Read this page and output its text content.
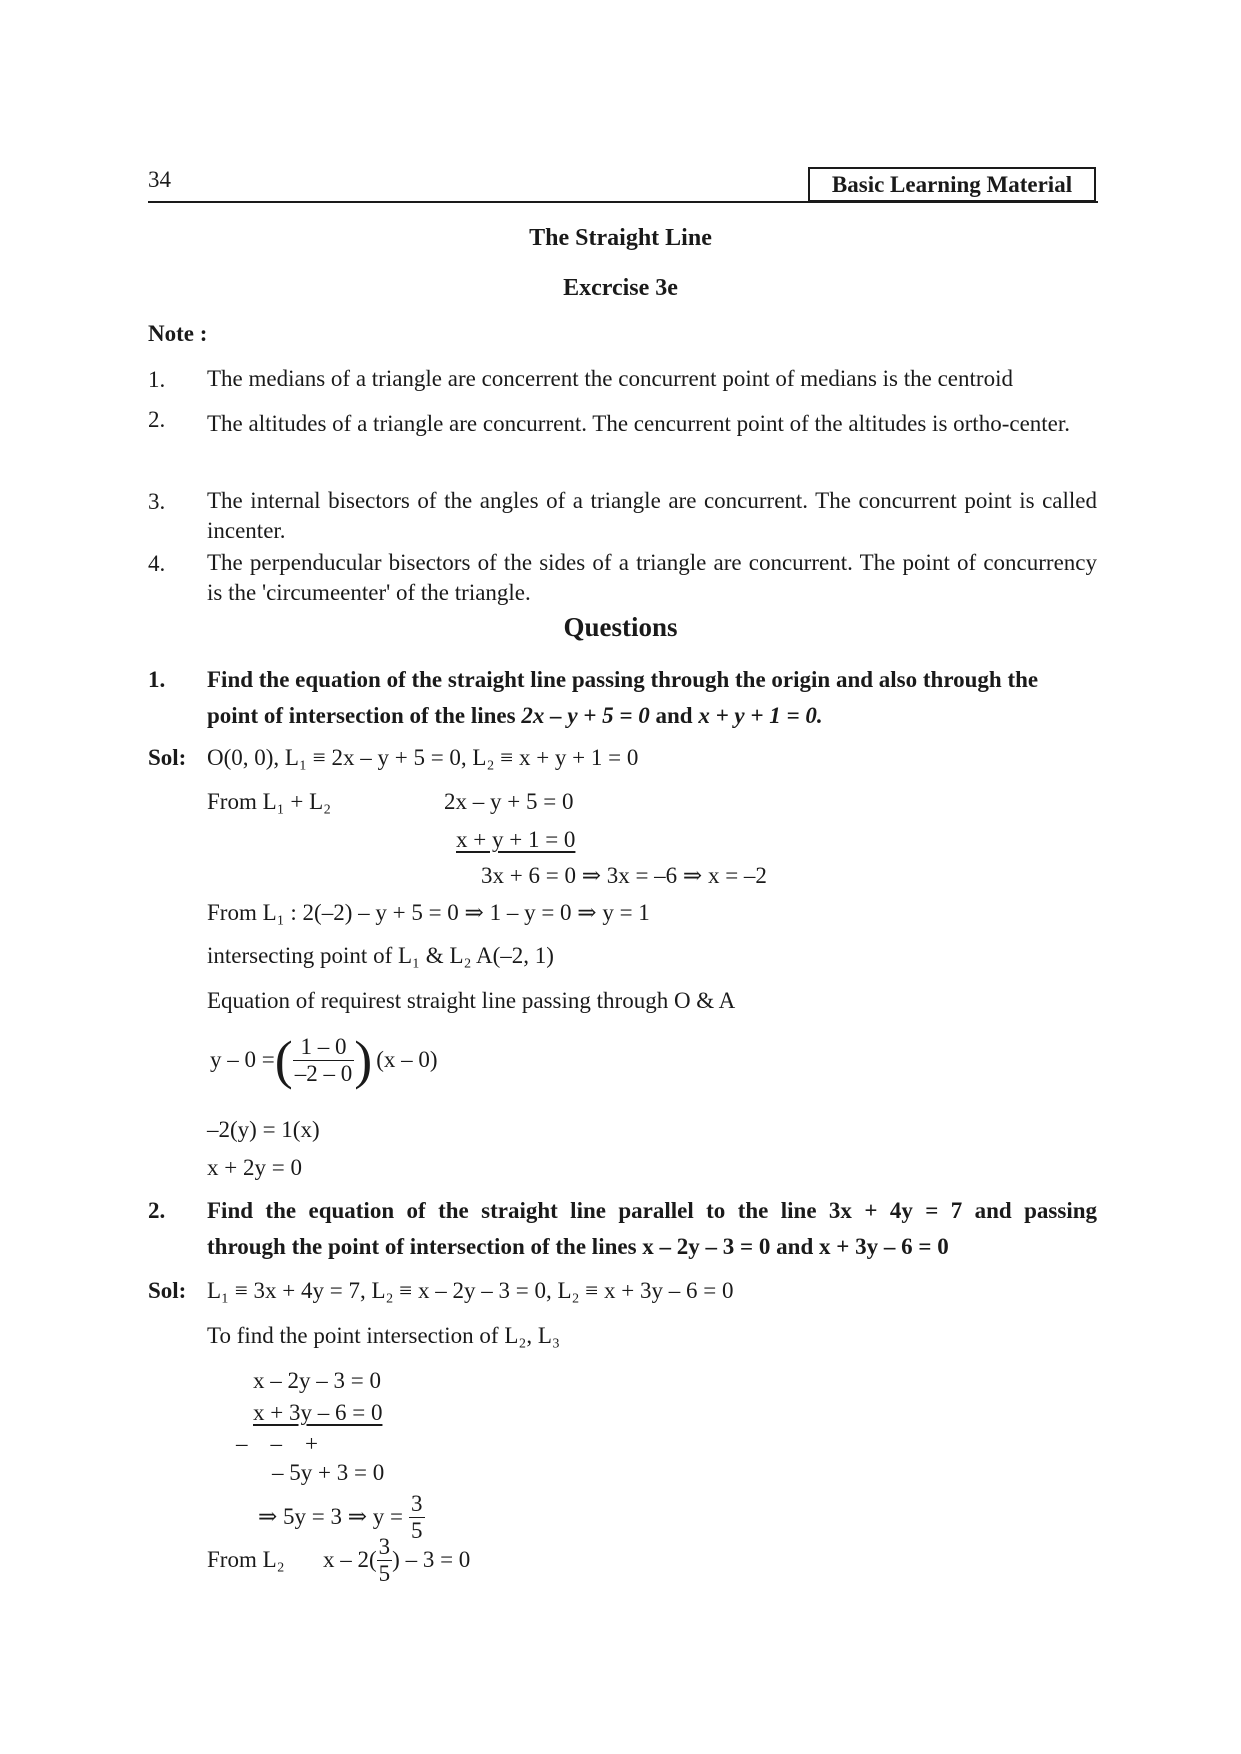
34	Basic Learning Material
The Straight Line
Excrcise 3e
Note :
1. The medians of a triangle are concerrent the concurrent point of medians is the centroid
2. The altitudes of a triangle are concurrent. The cencurrent point of the altitudes is ortho-center.
3. The internal bisectors of the angles of a triangle are concurrent. The concurrent point is called incenter.
4. The perpenducular bisectors of the sides of a triangle are concurrent. The point of concurrency is the 'circumeenter' of the triangle.
Questions
1. Find the equation of the straight line passing through the origin and also through the
point of intersection of the lines 2x – y + 5 = 0 and x + y + 1 = 0.
Sol: O(0, 0), L₁ ≡ 2x – y + 5 = 0, L₂ ≡ x + y + 1 = 0
From L₁ + L₂	2x – y + 5 = 0
x + y + 1 = 0
3x + 6 = 0 ⇒ 3x = –6 ⇒ x = –2
From L₁ : 2(–2) – y + 5 = 0 ⇒ 1 – y = 0 ⇒ y = 1
intersecting point of L₁ & L₂ A(–2, 1)
Equation of requirest straight line passing through O & A
y – 0 = ( $\frac{1 - 0}{-2 - 0}$ ) (x – 0)
–2(y) = 1(x)
x + 2y = 0
2. Find the equation of the straight line parallel to the line 3x + 4y = 7 and passing
through the point of intersection of the lines x – 2y – 3 = 0 and x + 3y – 6 = 0
Sol: L₁ ≡ 3x + 4y = 7, L₂ ≡ x – 2y – 3 = 0, L₂ ≡ x + 3y – 6 = 0
To find the point intersection of L₂, L₃
x – 2y – 3 = 0
x + 3y – 6 = 0
–    –    +
– 5y + 3 = 0
⇒ 5y = 3 ⇒ $y = \frac{3}{5}$
From L₂ x – $2( \frac{3}{5}$ ) – 3 = 0
